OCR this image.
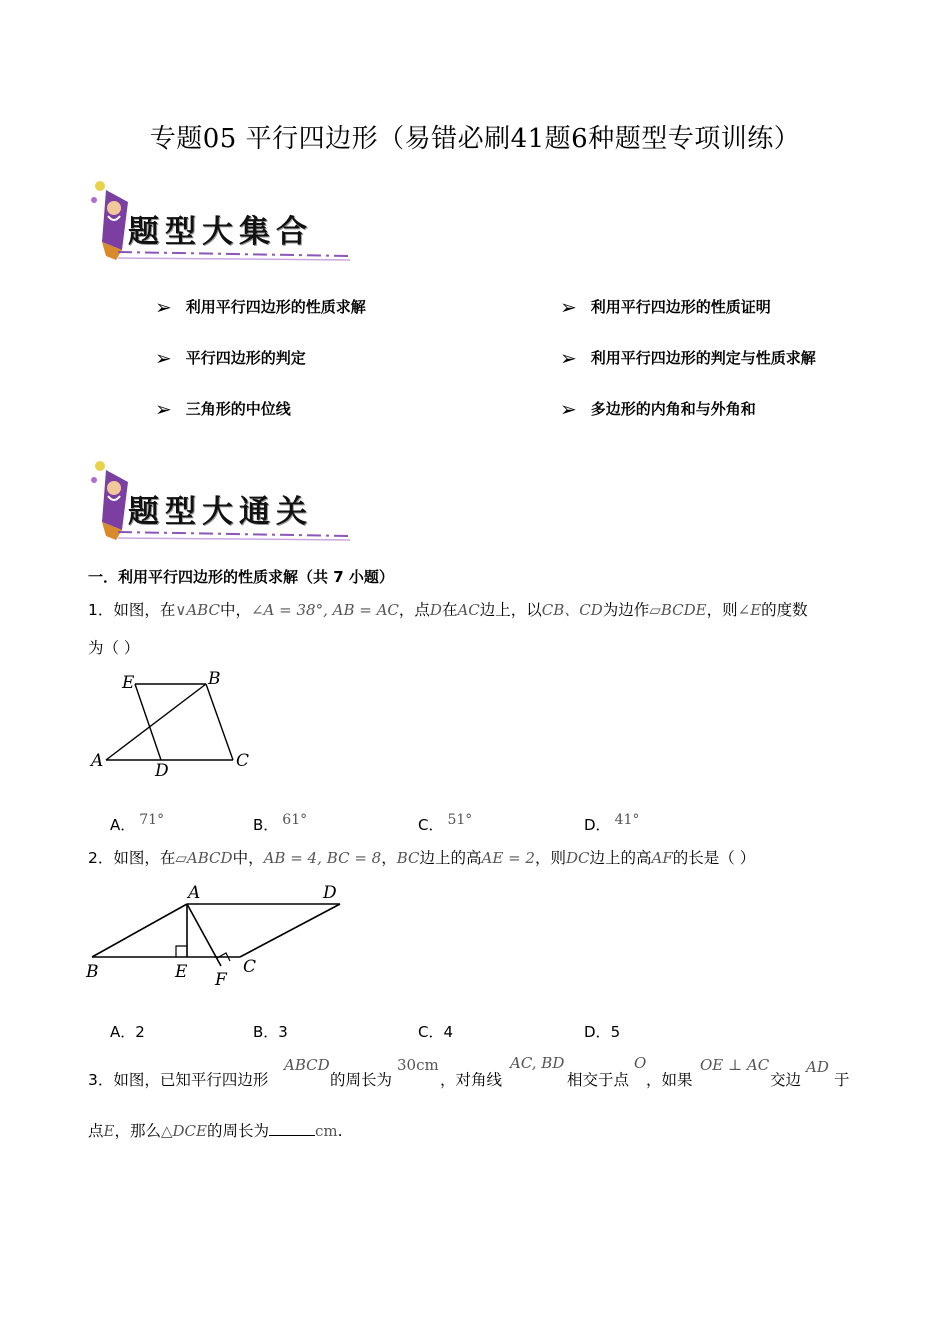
专题05 平行四边形（易错必刷41题6种题型专项训练）
题型大集合
➢ 利用平行四边形的性质求解	➢ 利用平行四边形的性质证明
➢ 平行四边形的判定	➢ 利用平行四边形的判定与性质求解
➢ 三角形的中位线	➢ 多边形的内角和与外角和
题型大通关
一．利用平行四边形的性质求解（共 7 小题）
1．如图，在∨ABC中，∠A = 38°, AB = AC，点D在AC边上，以CB、CD为边作▱BCDE，则∠E的度数
为（ ）
E	B
A	D	C
A． 71°	B． 61°	C． 51°	D． 41°
2．如图，在▱ABCD中，AB = 4, BC = 8，BC边上的高AE = 2，则DC边上的高AF的长是（ ）
A	D
B	E F
C
A．2	B．3	C．4	D．5
3．如图，已知平行四边形
ABCD
的周长为
30cm
，对角线
AC, BD
相交于点
O
，如果
OE ⊥ AC
交边
AD
于
点E，那么△DCE的周长为	cm.
